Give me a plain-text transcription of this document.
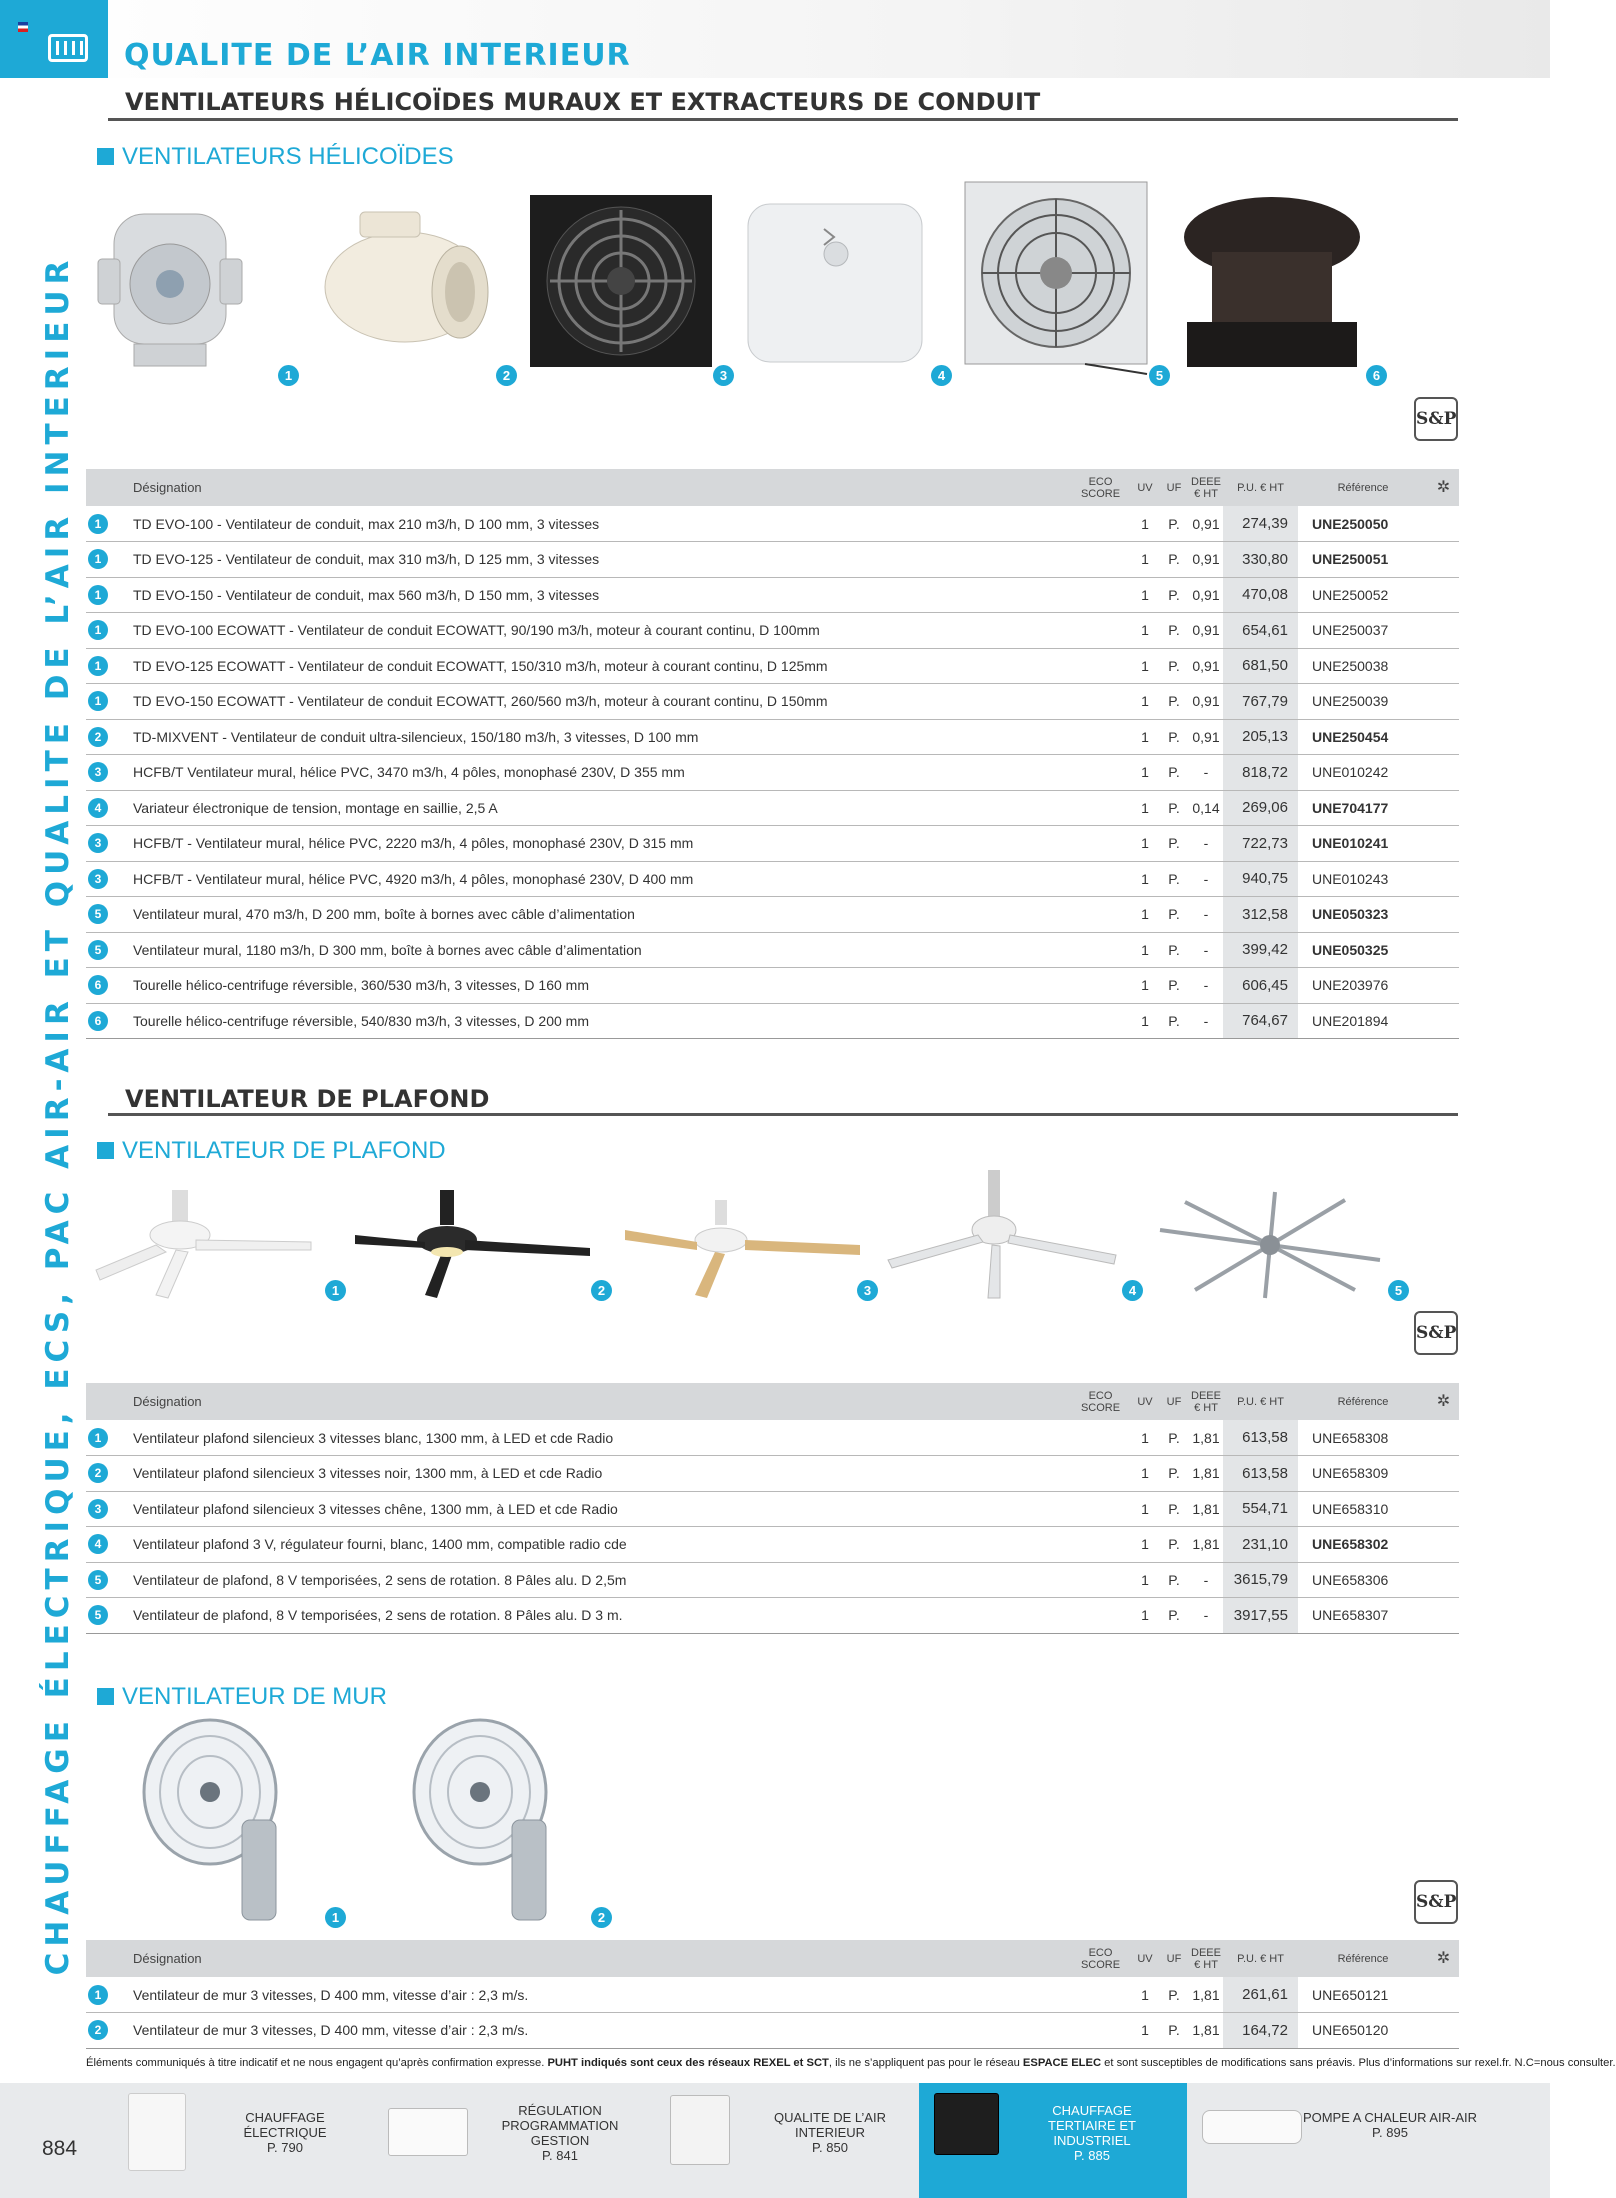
QUALITE DE L’AIR INTERIEUR
VENTILATEURS HÉLICOÏDES MURAUX ET EXTRACTEURS DE CONDUIT
CHAUFFAGE ÉLECTRIQUE, ECS, PAC AIR-AIR ET QUALITE DE L’AIR INTERIEUR
VENTILATEURS HÉLICOÏDES
1	2	3	4	5	6
S&P
Désignation		ECO
SCORE	UV	UF	DEEE
€ HT	P.U. € HT	Référence	✲
1	TD EVO-100 - Ventilateur de conduit, max 210 m3/h, D 100 mm, 3 vitesses		1	P.	0,91	274,39	UNE250050	
1	TD EVO-125 - Ventilateur de conduit, max 310 m3/h, D 125 mm, 3 vitesses		1	P.	0,91	330,80	UNE250051	
1	TD EVO-150 - Ventilateur de conduit, max 560 m3/h, D 150 mm, 3 vitesses		1	P.	0,91	470,08	UNE250052	
1	TD EVO-100 ECOWATT - Ventilateur de conduit ECOWATT, 90/190 m3/h, moteur à courant continu, D 100mm		1	P.	0,91	654,61	UNE250037	
1	TD EVO-125 ECOWATT - Ventilateur de conduit ECOWATT, 150/310 m3/h, moteur à courant continu, D 125mm		1	P.	0,91	681,50	UNE250038	
1	TD EVO-150 ECOWATT - Ventilateur de conduit ECOWATT, 260/560 m3/h, moteur à courant continu, D 150mm		1	P.	0,91	767,79	UNE250039	
2	TD-MIXVENT - Ventilateur de conduit ultra-silencieux, 150/180 m3/h, 3 vitesses, D 100 mm		1	P.	0,91	205,13	UNE250454	
3	HCFB/T Ventilateur mural, hélice PVC, 3470 m3/h, 4 pôles, monophasé 230V, D 355 mm		1	P.	-	818,72	UNE010242	
4	Variateur électronique de tension, montage en saillie, 2,5 A		1	P.	0,14	269,06	UNE704177	
3	HCFB/T - Ventilateur mural, hélice PVC, 2220 m3/h, 4 pôles, monophasé 230V, D 315 mm		1	P.	-	722,73	UNE010241	
3	HCFB/T - Ventilateur mural, hélice PVC, 4920 m3/h, 4 pôles, monophasé 230V, D 400 mm		1	P.	-	940,75	UNE010243	
5	Ventilateur mural, 470 m3/h, D 200 mm, boîte à bornes avec câble d’alimentation		1	P.	-	312,58	UNE050323	
5	Ventilateur mural, 1180 m3/h, D 300 mm, boîte à bornes avec câble d’alimentation		1	P.	-	399,42	UNE050325	
6	Tourelle hélico-centrifuge réversible, 360/530 m3/h, 3 vitesses, D 160 mm		1	P.	-	606,45	UNE203976	
6	Tourelle hélico-centrifuge réversible, 540/830 m3/h, 3 vitesses, D 200 mm		1	P.	-	764,67	UNE201894	
VENTILATEUR DE PLAFOND
VENTILATEUR DE PLAFOND
1	2	3	4	5
S&P
Désignation		ECO
SCORE	UV	UF	DEEE
€ HT	P.U. € HT	Référence	✲
1	Ventilateur plafond silencieux 3 vitesses blanc, 1300 mm, à LED et cde Radio		1	P.	1,81	613,58	UNE658308	
2	Ventilateur plafond silencieux 3 vitesses noir, 1300 mm, à LED et cde Radio		1	P.	1,81	613,58	UNE658309	
3	Ventilateur plafond silencieux 3 vitesses chêne, 1300 mm, à LED et cde Radio		1	P.	1,81	554,71	UNE658310	
4	Ventilateur plafond 3 V, régulateur fourni, blanc, 1400 mm, compatible radio cde		1	P.	1,81	231,10	UNE658302	
5	Ventilateur de plafond, 8 V temporisées, 2 sens de rotation. 8 Pâles alu. D 2,5m		1	P.	-	3615,79	UNE658306	
5	Ventilateur de plafond, 8 V temporisées, 2 sens de rotation. 8 Pâles alu. D 3 m.		1	P.	-	3917,55	UNE658307	
VENTILATEUR DE MUR
1	2
S&P
Désignation		ECO
SCORE	UV	UF	DEEE
€ HT	P.U. € HT	Référence	✲
1	Ventilateur de mur 3 vitesses, D 400 mm, vitesse d’air : 2,3 m/s.		1	P.	1,81	261,61	UNE650121	
2	Ventilateur de mur 3 vitesses, D 400 mm, vitesse d’air : 2,3 m/s.		1	P.	1,81	164,72	UNE650120	
Éléments communiqués à titre indicatif et ne nous engagent qu’après confirmation expresse. PUHT indiqués sont ceux des réseaux REXEL et SCT, ils ne s’appliquent pas pour le réseau ESPACE ELEC et sont susceptibles de modifications sans préavis. Plus d’informations sur rexel.fr. N.C=nous consulter.
CHAUFFAGE ÉLECTRIQUE
P. 790
RÉGULATION PROGRAMMATION GESTION
P. 841
QUALITE DE L’AIR INTERIEUR
P. 850
CHAUFFAGE TERTIAIRE ET INDUSTRIEL
P. 885
POMPE A CHALEUR AIR-AIR
P. 895
884
